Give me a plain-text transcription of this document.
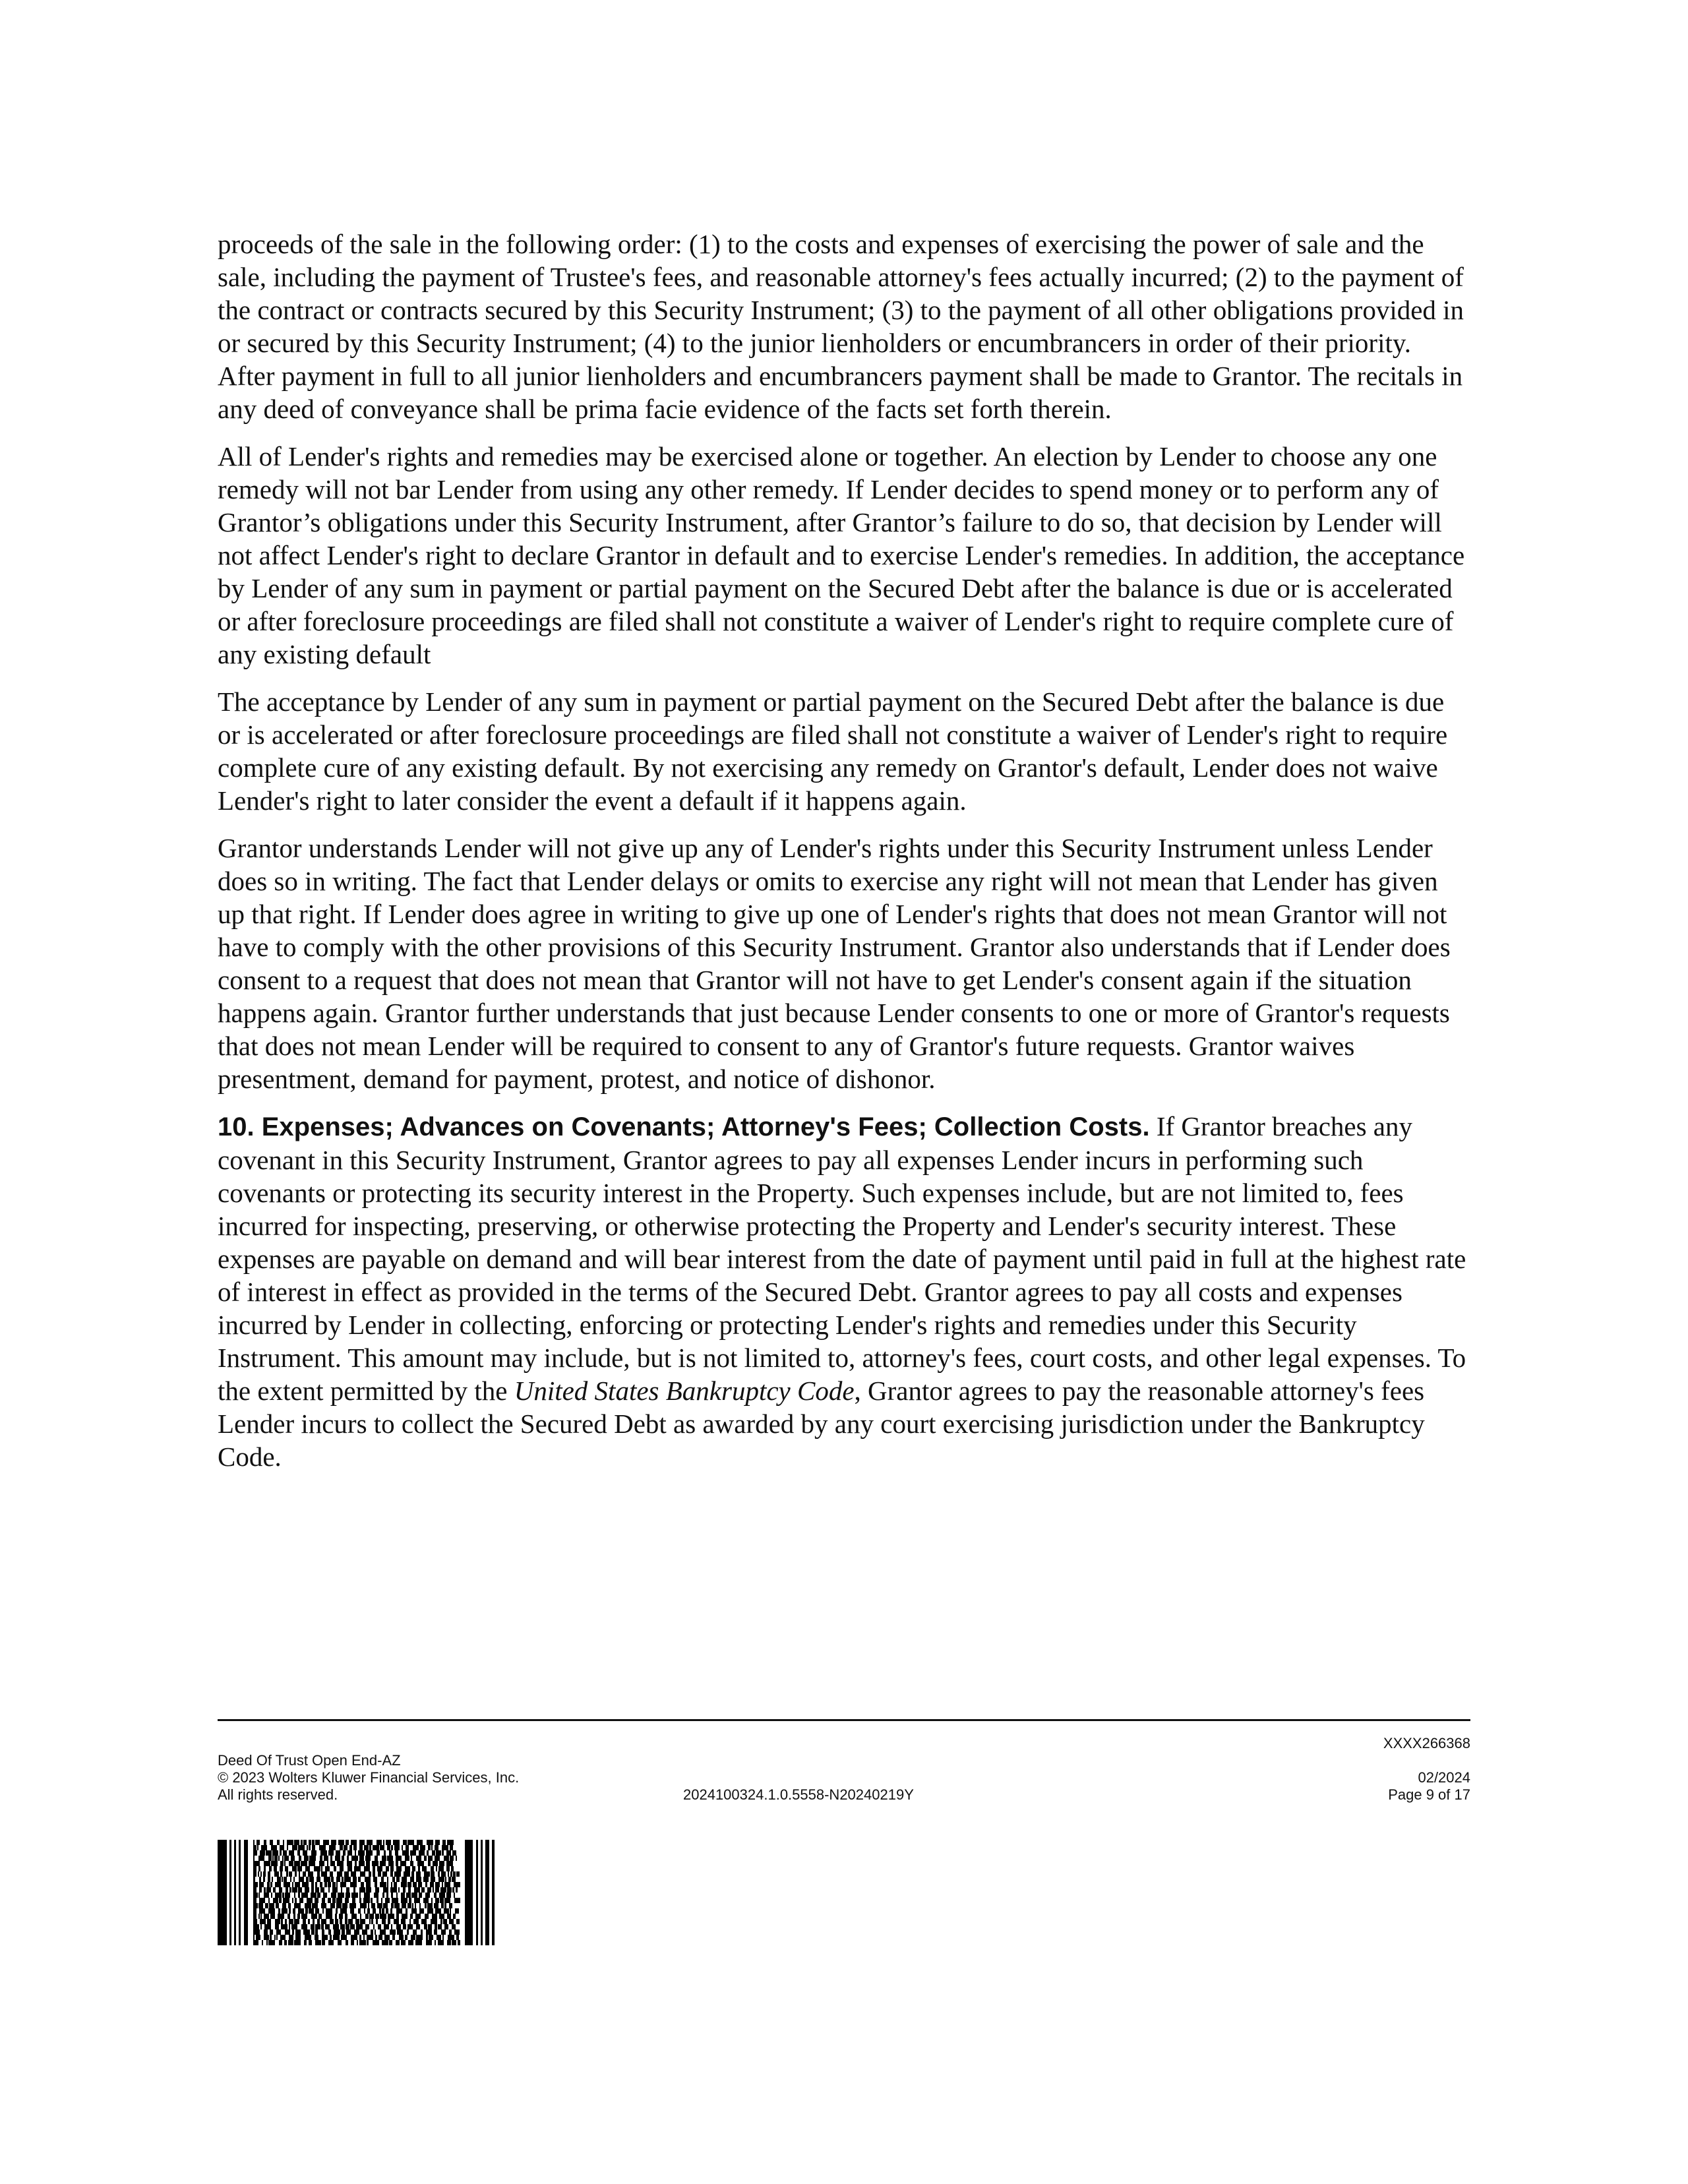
proceeds of the sale in the following order: (1) to the costs and expenses of exercising the power of sale and the sale, including the payment of Trustee's fees, and reasonable attorney's fees actually incurred; (2) to the payment of the contract or contracts secured by this Security Instrument; (3) to the payment of all other obligations provided in or secured by this Security Instrument; (4) to the junior lienholders or encumbrancers in order of their priority. After payment in full to all junior lienholders and encumbrancers payment shall be made to Grantor. The recitals in any deed of conveyance shall be prima facie evidence of the facts set forth therein.

All of Lender's rights and remedies may be exercised alone or together. An election by Lender to choose any one remedy will not bar Lender from using any other remedy. If Lender decides to spend money or to perform any of Grantor’s obligations under this Security Instrument, after Grantor’s failure to do so, that decision by Lender will not affect Lender's right to declare Grantor in default and to exercise Lender's remedies. In addition, the acceptance by Lender of any sum in payment or partial payment on the Secured Debt after the balance is due or is accelerated or after foreclosure proceedings are filed shall not constitute a waiver of Lender's right to require complete cure of any existing default

The acceptance by Lender of any sum in payment or partial payment on the Secured Debt after the balance is due or is accelerated or after foreclosure proceedings are filed shall not constitute a waiver of Lender's right to require complete cure of any existing default. By not exercising any remedy on Grantor's default, Lender does not waive Lender's right to later consider the event a default if it happens again.

Grantor understands Lender will not give up any of Lender's rights under this Security Instrument unless Lender does so in writing. The fact that Lender delays or omits to exercise any right will not mean that Lender has given up that right. If Lender does agree in writing to give up one of Lender's rights that does not mean Grantor will not have to comply with the other provisions of this Security Instrument. Grantor also understands that if Lender does consent to a request that does not mean that Grantor will not have to get Lender's consent again if the situation happens again. Grantor further understands that just because Lender consents to one or more of Grantor's requests that does not mean Lender will be required to consent to any of Grantor's future requests. Grantor waives presentment, demand for payment, protest, and notice of dishonor.

10. Expenses; Advances on Covenants; Attorney's Fees; Collection Costs. If Grantor breaches any covenant in this Security Instrument, Grantor agrees to pay all expenses Lender incurs in performing such covenants or protecting its security interest in the Property. Such expenses include, but are not limited to, fees incurred for inspecting, preserving, or otherwise protecting the Property and Lender's security interest. These expenses are payable on demand and will bear interest from the date of payment until paid in full at the highest rate of interest in effect as provided in the terms of the Secured Debt. Grantor agrees to pay all costs and expenses incurred by Lender in collecting, enforcing or protecting Lender's rights and remedies under this Security Instrument. This amount may include, but is not limited to, attorney's fees, court costs, and other legal expenses. To the extent permitted by the United States Bankruptcy Code, Grantor agrees to pay the reasonable attorney's fees Lender incurs to collect the Secured Debt as awarded by any court exercising jurisdiction under the Bankruptcy Code.

Deed Of Trust Open End-AZ
© 2023 Wolters Kluwer Financial Services, Inc.
All rights reserved.	2024100324.1.0.5558-N20240219Y
XXXX266368
02/2024
Page 9 of 17
